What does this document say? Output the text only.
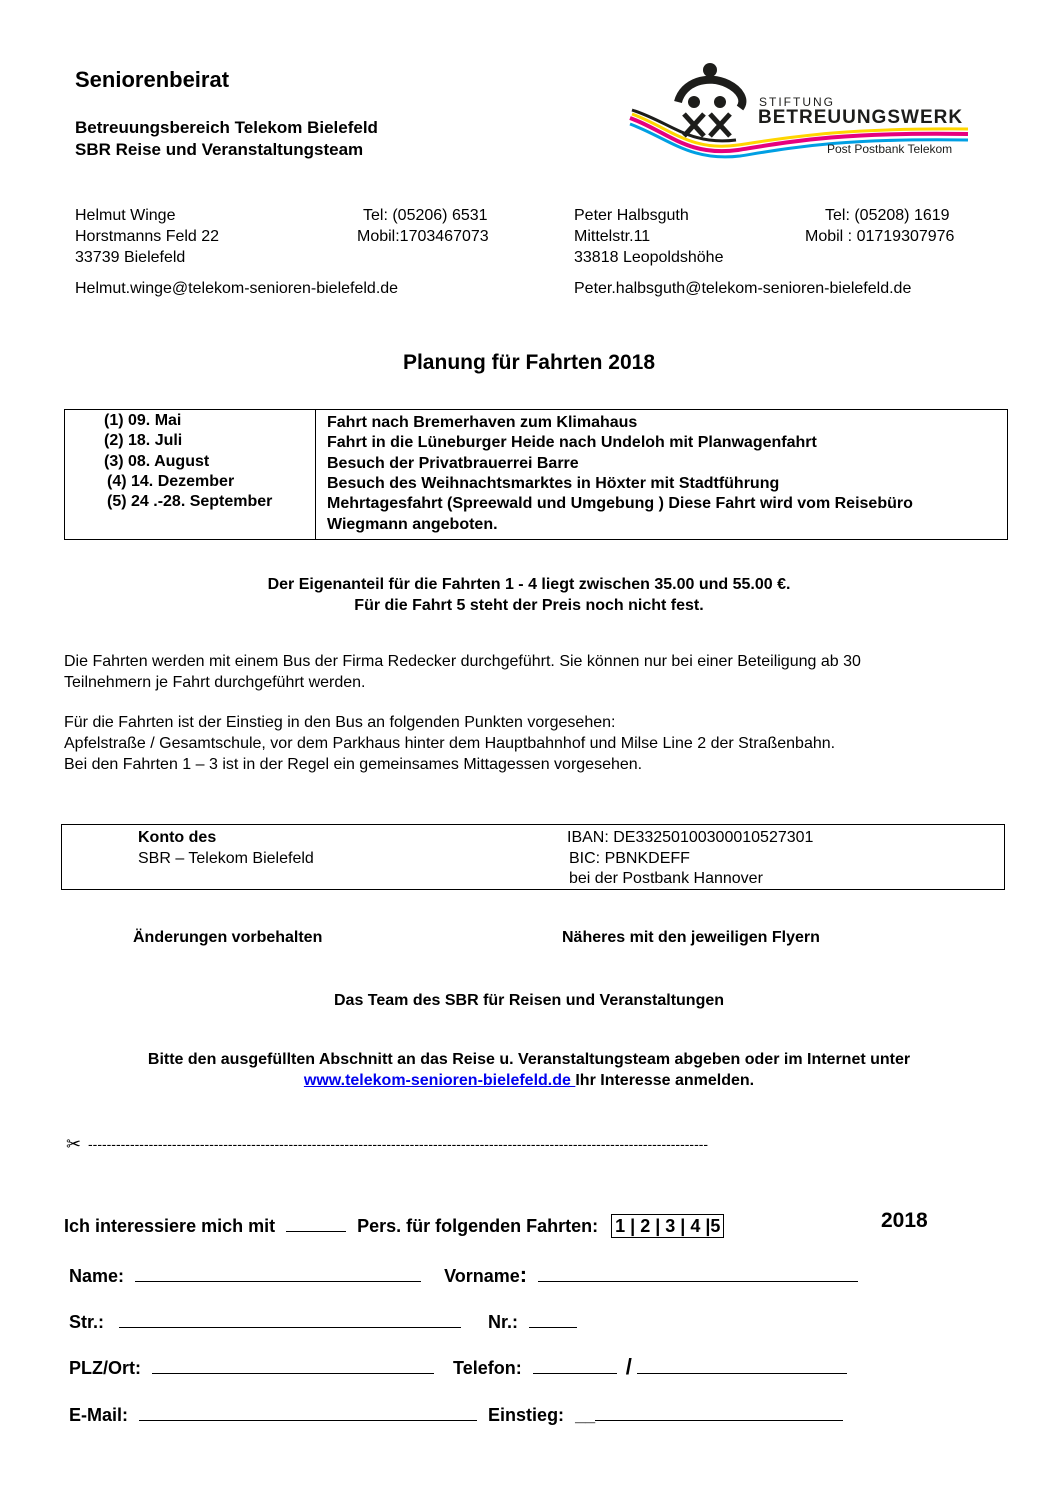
Seniorenbeirat
Betreuungsbereich Telekom Bielefeld
SBR Reise und Veranstaltungsteam
STIFTUNG
BETREUUNGSWERK
Post Postbank Telekom
Helmut Winge
Horstmanns Feld 22
33739 Bielefeld
Tel: (05206) 6531
Mobil:1703467073
Helmut.winge@telekom-senioren-bielefeld.de
Peter Halbsguth
Mittelstr.11
33818 Leopoldshöhe
Tel: (05208) 1619
Mobil : 01719307976
Peter.halbsguth@telekom-senioren-bielefeld.de
Planung für Fahrten 2018
(1) 09. Mai	Fahrt nach Bremerhaven zum Klimahaus
(2) 18. Juli	Fahrt in die Lüneburger Heide nach Undeloh mit Planwagenfahrt
(3) 08. August	Besuch der Privatbrauerrei Barre
(4) 14. Dezember	Besuch des Weihnachtsmarktes in Höxter mit Stadtführung
(5) 24 .-28. September	Mehrtagesfahrt (Spreewald und Umgebung ) Diese Fahrt wird vom Reisebüro Wiegmann angeboten.
Der Eigenanteil für die Fahrten 1 - 4 liegt zwischen 35.00 und 55.00 €.
Für die Fahrt 5 steht der Preis noch nicht fest.
Die Fahrten werden mit einem Bus der Firma Redecker durchgeführt. Sie können nur bei einer Beteiligung ab 30
Teilnehmern je Fahrt durchgeführt werden.
Für die Fahrten ist der Einstieg in den Bus an folgenden Punkten vorgesehen:
Apfelstraße / Gesamtschule, vor dem Parkhaus hinter dem Hauptbahnhof und Milse Line 2 der Straßenbahn.
Bei den Fahrten 1 – 3 ist in der Regel ein gemeinsames Mittagessen vorgesehen.
Konto des
SBR – Telekom Bielefeld
IBAN: DE33250100300010527301
BIC: PBNKDEFF
bei der Postbank Hannover
Änderungen vorbehalten	Näheres mit den jeweiligen Flyern
Das Team des SBR für Reisen und Veranstaltungen
Bitte den ausgefüllten Abschnitt an das Reise u. Veranstaltungsteam abgeben oder im Internet unter
www.telekom-senioren-bielefeld.de Ihr Interesse anmelden.
✂ -------------------------------------------------------------------------------------------------------------------------------------
Ich interessiere mich mit	Pers. für folgenden Fahrten: 1 | 2 | 3 | 4 |5	2018
Name:	Vorname:
Str.:	Nr.:
PLZ/Ort:	Telefon:	/
E-Mail:	Einstieg: __
